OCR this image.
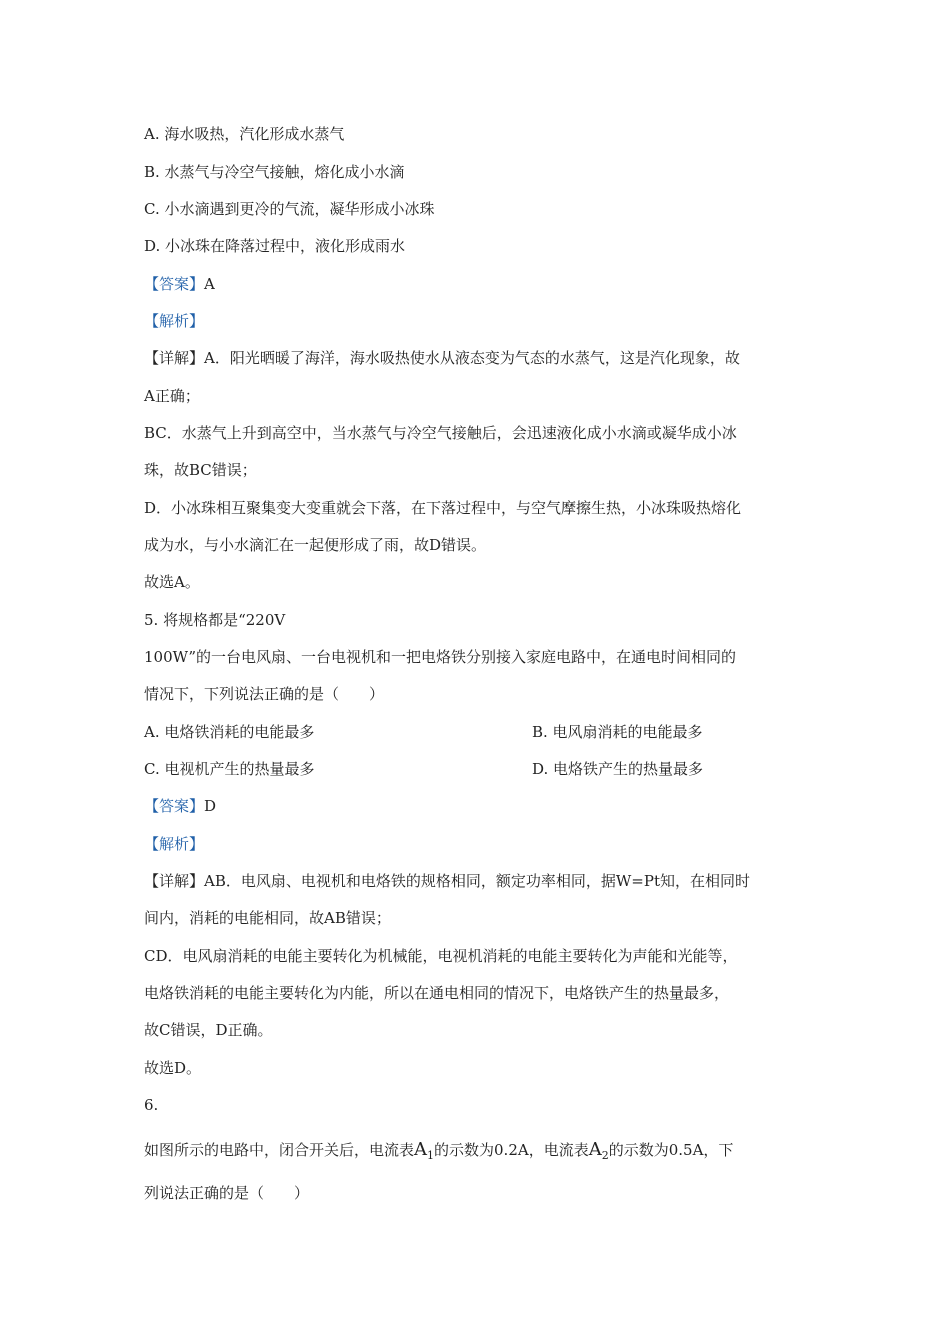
A. 海水吸热，汽化形成水蒸气
B. 水蒸气与冷空气接触，熔化成小水滴
C. 小水滴遇到更冷的气流，凝华形成小冰珠
D. 小冰珠在降落过程中，液化形成雨水
【答案】A
【解析】
【详解】A．阳光晒暖了海洋，海水吸热使水从液态变为气态的水蒸气，这是汽化现象，故
A正确；
BC．水蒸气上升到高空中，当水蒸气与冷空气接触后，会迅速液化成小水滴或凝华成小冰
珠，故BC错误；
D．小冰珠相互聚集变大变重就会下落，在下落过程中，与空气摩擦生热，小冰珠吸热熔化
成为水，与小水滴汇在一起便形成了雨，故D错误。
故选A。
5. 将规格都是“220V
100W”的一台电风扇、一台电视机和一把电烙铁分别接入家庭电路中，在通电时间相同的
情况下，下列说法正确的是（　　）
A. 电烙铁消耗的电能最多	B. 电风扇消耗的电能最多
C. 电视机产生的热量最多	D. 电烙铁产生的热量最多
【答案】D
【解析】
【详解】AB．电风扇、电视机和电烙铁的规格相同，额定功率相同，据W=Pt知，在相同时
间内，消耗的电能相同，故AB错误；
CD．电风扇消耗的电能主要转化为机械能，电视机消耗的电能主要转化为声能和光能等，
电烙铁消耗的电能主要转化为内能，所以在通电相同的情况下，电烙铁产生的热量最多，
故C错误，D正确。
故选D。
6.
如图所示的电路中，闭合开关后，电流表$A_1$的示数为0.2A，电流表$A_2$的示数为0.5A，下
列说法正确的是（　　）
